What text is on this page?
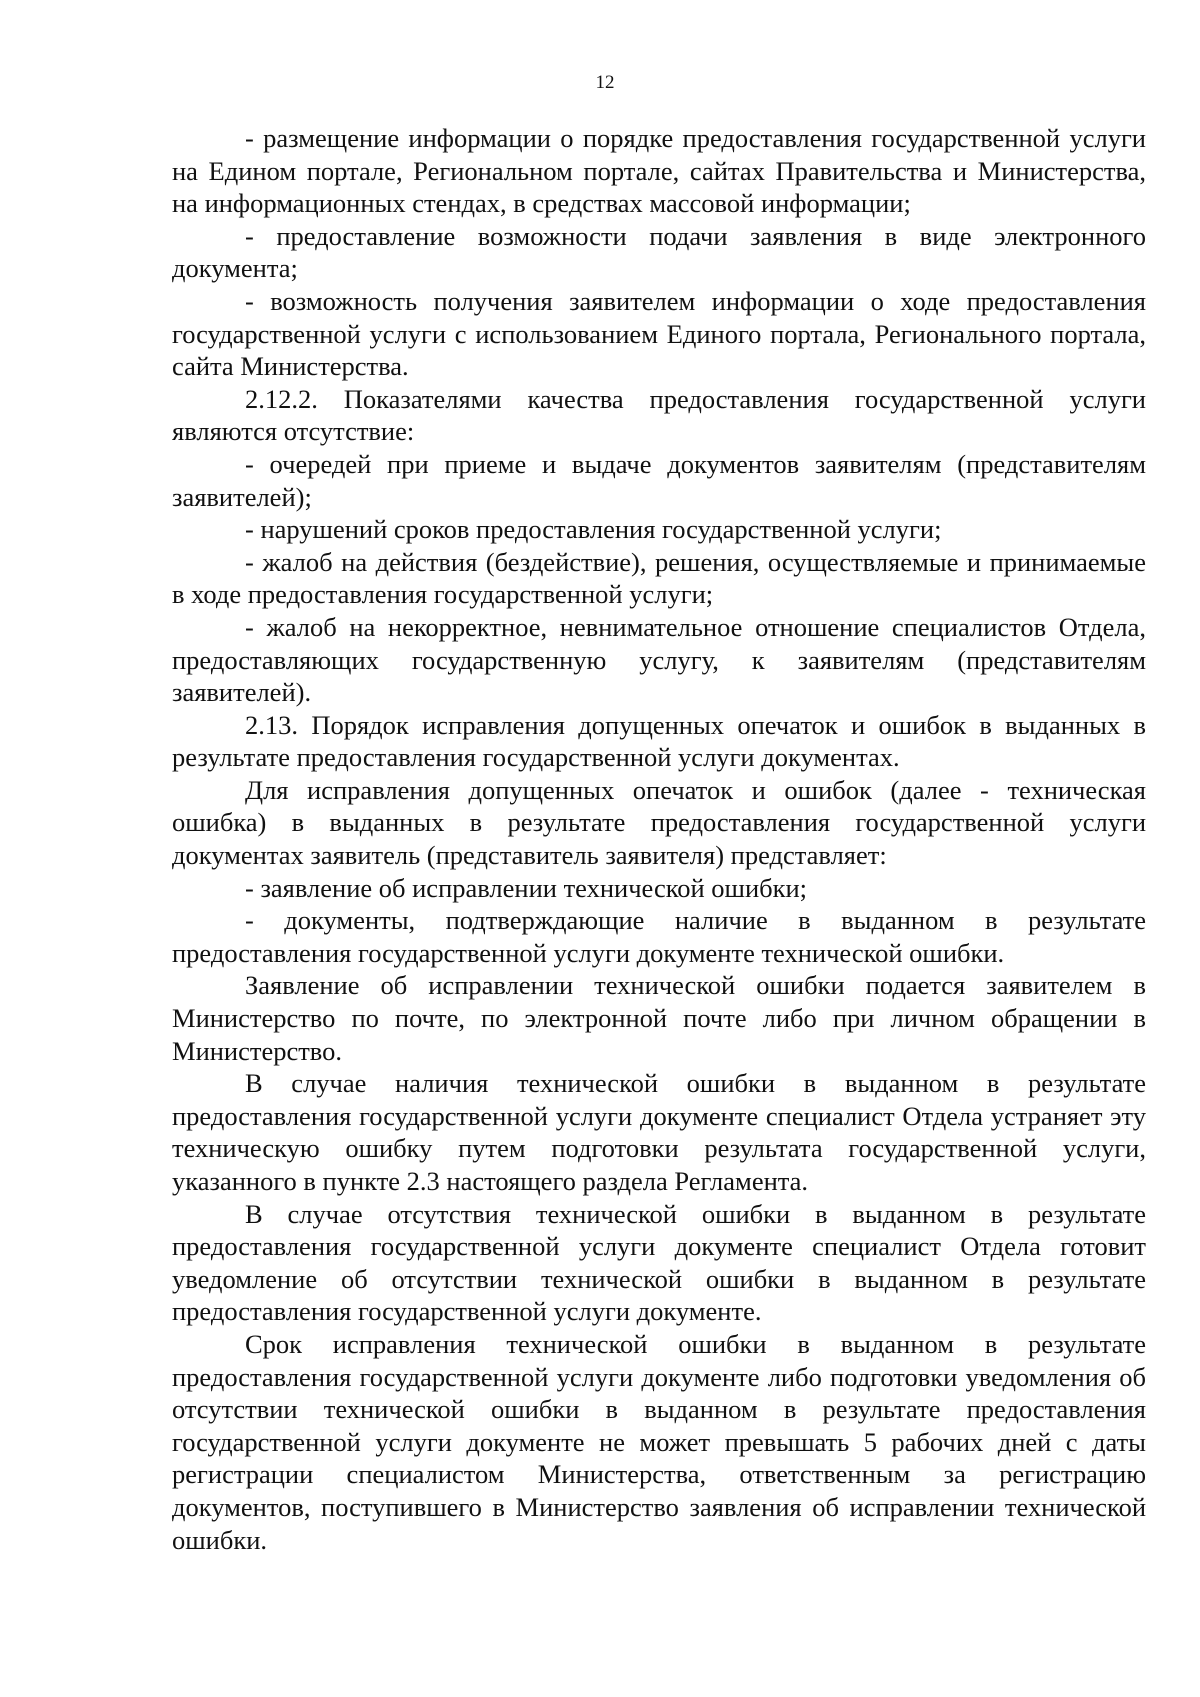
12

- размещение информации о порядке предоставления государственной услуги на Едином портале, Региональном портале, сайтах Правительства и Министерства, на информационных стендах, в средствах массовой информации;

- предоставление возможности подачи заявления в виде электронного документа;

- возможность получения заявителем информации о ходе предоставления государственной услуги с использованием Единого портала, Регионального портала, сайта Министерства.

2.12.2. Показателями качества предоставления государственной услуги являются отсутствие:

- очередей при приеме и выдаче документов заявителям (представителям заявителей);

- нарушений сроков предоставления государственной услуги;

- жалоб на действия (бездействие), решения, осуществляемые и принимаемые в ходе предоставления государственной услуги;

- жалоб на некорректное, невнимательное отношение специалистов Отдела, предоставляющих государственную услугу, к заявителям (представителям заявителей).

2.13. Порядок исправления допущенных опечаток и ошибок в выданных в результате предоставления государственной услуги документах.

Для исправления допущенных опечаток и ошибок (далее - техническая ошибка) в выданных в результате предоставления государственной услуги документах заявитель (представитель заявителя) представляет:

- заявление об исправлении технической ошибки;

- документы, подтверждающие наличие в выданном в результате предоставления государственной услуги документе технической ошибки.

Заявление об исправлении технической ошибки подается заявителем в Министерство по почте, по электронной почте либо при личном обращении в Министерство.

В случае наличия технической ошибки в выданном в результате предоставления государственной услуги документе специалист Отдела устраняет эту техническую ошибку путем подготовки результата государственной услуги, указанного в пункте 2.3 настоящего раздела Регламента.

В случае отсутствия технической ошибки в выданном в результате предоставления государственной услуги документе специалист Отдела готовит уведомление об отсутствии технической ошибки в выданном в результате предоставления государственной услуги документе.

Срок исправления технической ошибки в выданном в результате предоставления государственной услуги документе либо подготовки уведомления об отсутствии технической ошибки в выданном в результате предоставления государственной услуги документе не может превышать 5 рабочих дней с даты регистрации специалистом Министерства, ответственным за регистрацию документов, поступившего в Министерство заявления об исправлении технической ошибки.
